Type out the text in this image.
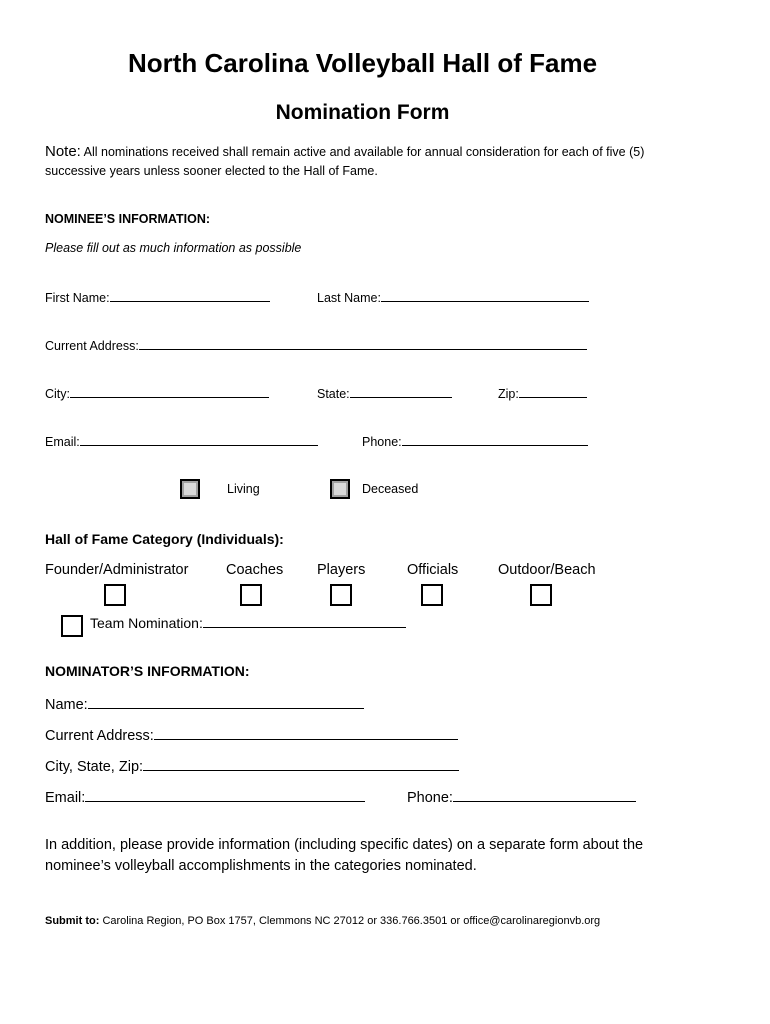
North Carolina Volleyball Hall of Fame
Nomination Form
Note: All nominations received shall remain active and available for annual consideration for each of five (5)
successive years unless sooner elected to the Hall of Fame.
NOMINEE’S INFORMATION:
Please fill out as much information as possible
First Name:	Last Name:
Current Address:
City:	State:	Zip:
Email:	Phone:
Living	Deceased
Hall of Fame Category (Individuals):
Founder/Administrator	Coaches Players	Officials	Outdoor/Beach
Team Nomination:
NOMINATOR’S INFORMATION:
Name:
Current Address:
City, State, Zip:
Email:	Phone:
In addition, please provide information (including specific dates) on a separate form about the
nominee’s volleyball accomplishments in the categories nominated.
Submit to: Carolina Region, PO Box 1757, Clemmons NC 27012 or 336.766.3501 or office@carolinaregionvb.org
